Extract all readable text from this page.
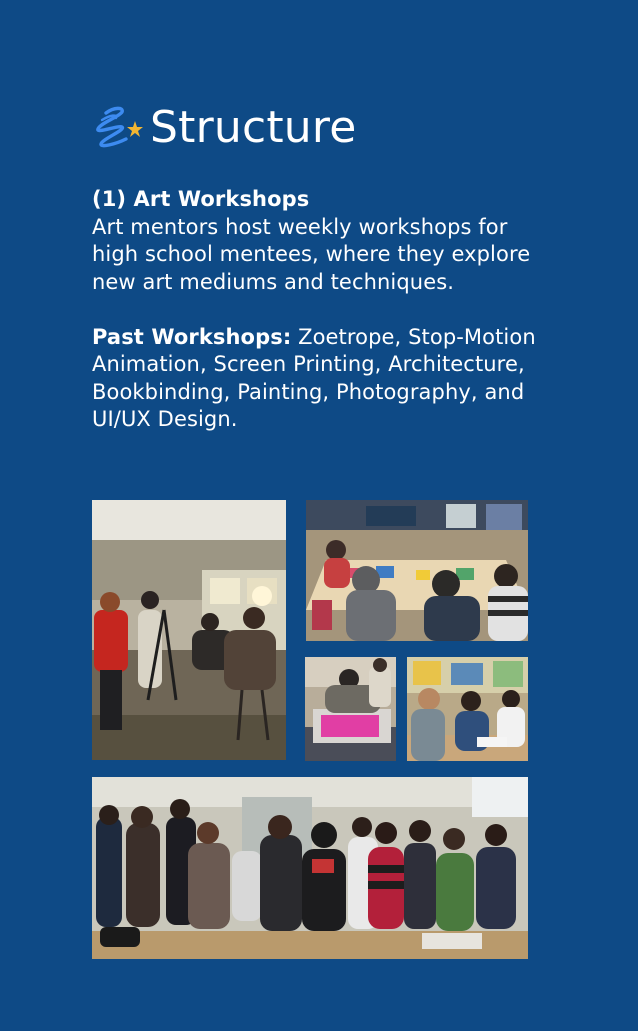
Structure

(1) Art Workshops

Art mentors host weekly workshops for

high school mentees, where they explore

new art mediums and techniques.

Past Workshops: Zoetrope, Stop-Motion

Animation, Screen Printing, Architecture,

Bookbinding, Painting, Photography, and

UI/UX Design.
